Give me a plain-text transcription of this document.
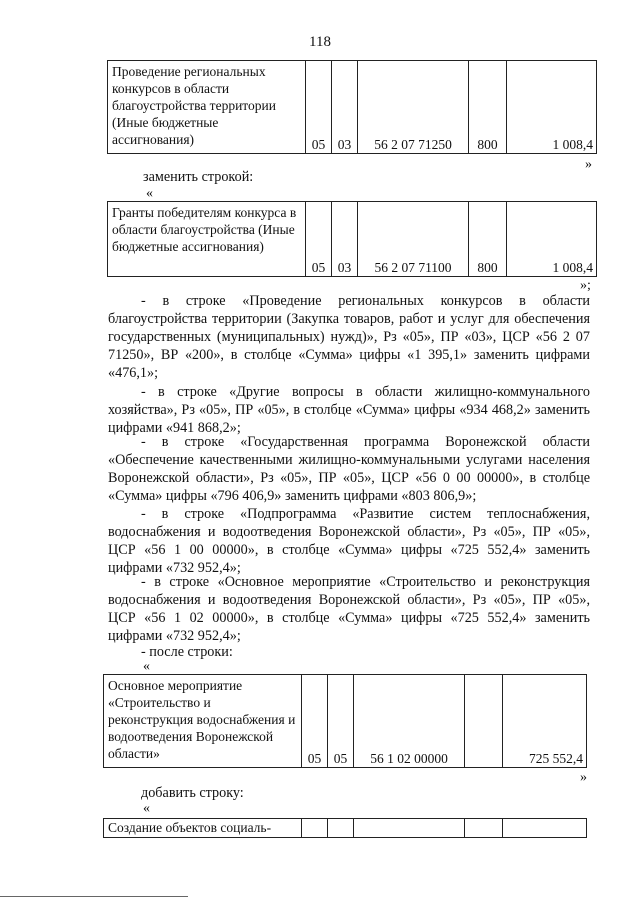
118
Проведение региональных конкурсов в области благоустройства территории (Иные бюджетные ассигнования)	05	03	56 2 07 71250	800	1 008,4
»
заменить строкой:
«
Гранты победителям конкурса в области благоустройства (Иные бюджетные ассигнования)	05	03	56 2 07 71100	800	1 008,4
»;
- в строке «Проведение региональных конкурсов в области благоустройства территории (Закупка товаров, работ и услуг для обеспечения государственных (муниципальных) нужд)», Рз «05», ПР «03», ЦСР «56 2 07 71250», ВР «200», в столбце «Сумма» цифры «1 395,1» заменить цифрами «476,1»;
- в строке «Другие вопросы в области жилищно-коммунального хозяйства», Рз «05», ПР «05», в столбце «Сумма» цифры «934 468,2» заменить цифрами «941 868,2»;
- в строке «Государственная программа Воронежской области «Обеспечение качественными жилищно-коммунальными услугами населения Воронежской области», Рз «05», ПР «05», ЦСР «56 0 00 00000», в столбце «Сумма» цифры «796 406,9» заменить цифрами «803 806,9»;
- в строке «Подпрограмма «Развитие систем теплоснабжения, водоснабжения и водоотведения Воронежской области», Рз «05», ПР «05», ЦСР «56 1 00 00000», в столбце «Сумма» цифры «725 552,4» заменить цифрами «732 952,4»;
- в строке «Основное мероприятие «Строительство и реконструкция водоснабжения и водоотведения Воронежской области», Рз «05», ПР «05», ЦСР «56 1 02 00000», в столбце «Сумма» цифры «725 552,4» заменить цифрами «732 952,4»;
- после строки:
«
Основное мероприятие «Строительство и реконструкция водоснабжения и водоотведения Воронежской области»	05	05	56 1 02 00000		725 552,4
»
добавить строку:
«
Создание объектов социаль-					
